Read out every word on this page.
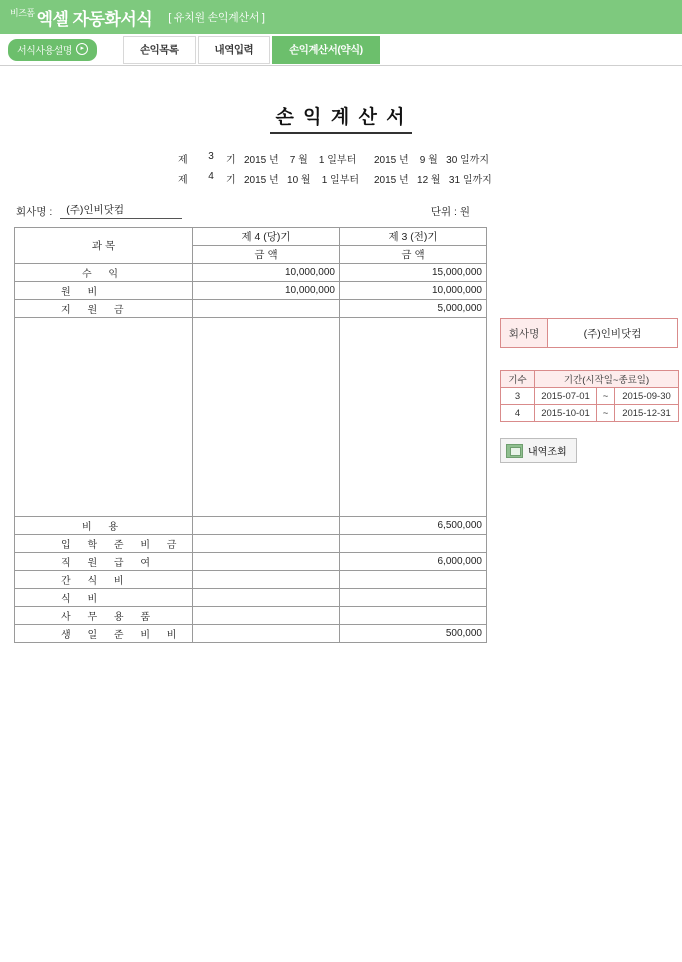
비즈폼 엑셀 자동화서식 [ 유치원 손익계산서 ]
서식사용설명	▸	손익목록	내역입력	손익계산서(약식)
손 익 계 산 서
제	3	기 2015 년    7 월    1 일부터	2015 년    9 월   30 일까지
제	4	기 2015 년   10 월    1 일부터 2015 년   12 월   31 일까지
회사명 :	(주)인비닷컴	단위 : 원
과 목	제 4 (당)기	제 3 (전)기
	금 액	금 액
수 익	10,000,000	15,000,000
원 비	10,000,000	10,000,000
지 원 금		5,000,000

비 용		6,500,000
입 학 준 비 금		
직 원 급 여		6,000,000
간 식 비		
식 비		
사 무 용 품		
생 일 준 비 비		500,000
회사명	(주)인비닷컴
기수	기간(시작일~종료일)		
3	2015-07-01	~	2015-09-30
4	2015-10-01	~	2015-12-31
내역조회
